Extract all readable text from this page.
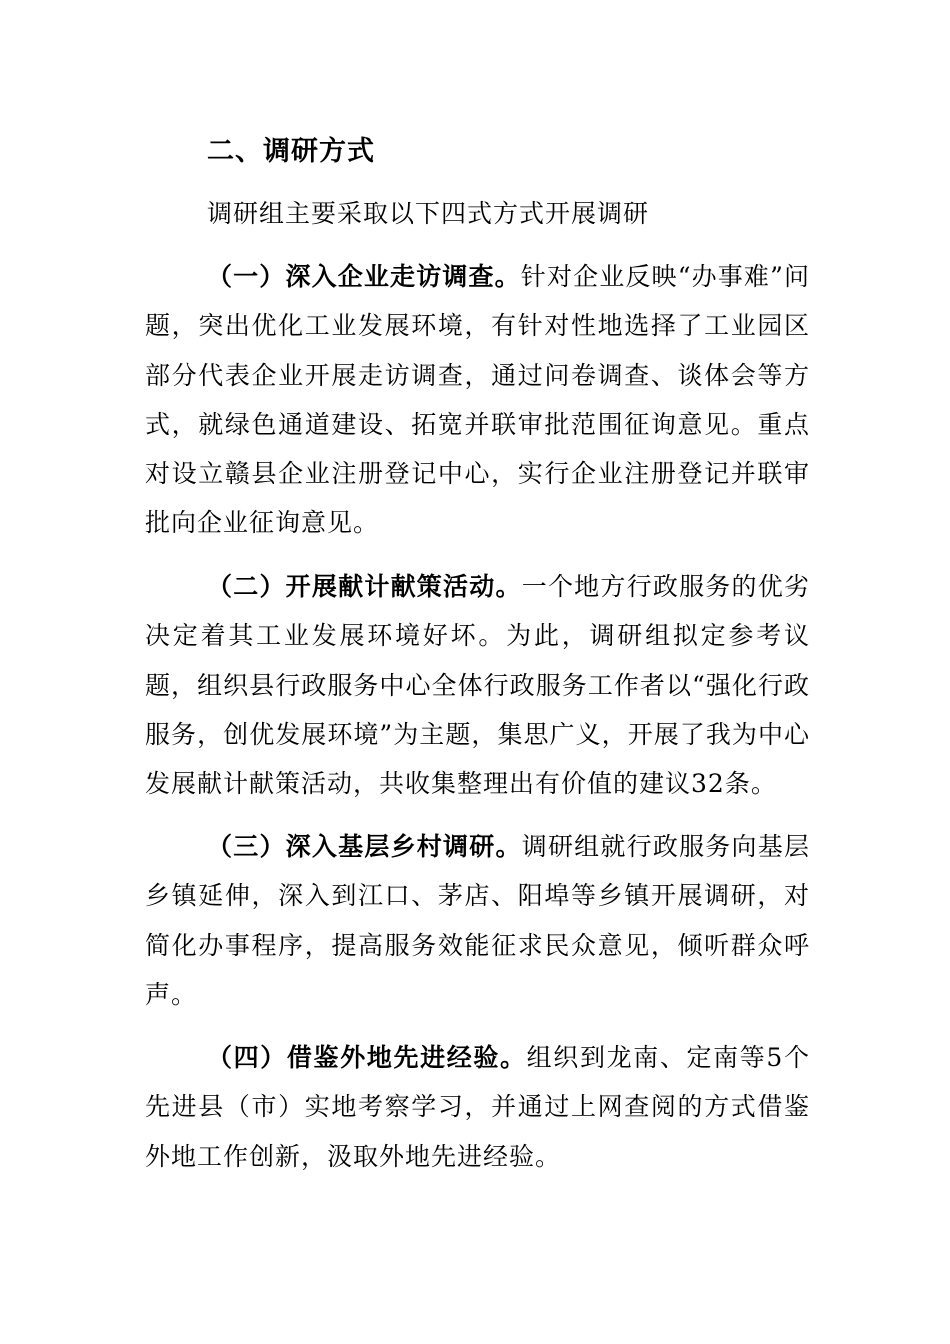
二、调研方式

调研组主要采取以下四式方式开展调研

（一）深入企业走访调查。针对企业反映“办事难”问题，突出优化工业发展环境，有针对性地选择了工业园区部分代表企业开展走访调查，通过问卷调查、谈体会等方式，就绿色通道建设、拓宽并联审批范围征询意见。重点对设立赣县企业注册登记中心，实行企业注册登记并联审批向企业征询意见。

（二）开展献计献策活动。一个地方行政服务的优劣决定着其工业发展环境好坏。为此，调研组拟定参考议题，组织县行政服务中心全体行政服务工作者以“强化行政服务，创优发展环境”为主题，集思广义，开展了我为中心发展献计献策活动，共收集整理出有价值的建议32条。

（三）深入基层乡村调研。调研组就行政服务向基层乡镇延伸，深入到江口、茅店、阳埠等乡镇开展调研，对简化办事程序，提高服务效能征求民众意见，倾听群众呼声。

（四）借鉴外地先进经验。组织到龙南、定南等5个先进县（市）实地考察学习，并通过上网查阅的方式借鉴外地工作创新，汲取外地先进经验。
